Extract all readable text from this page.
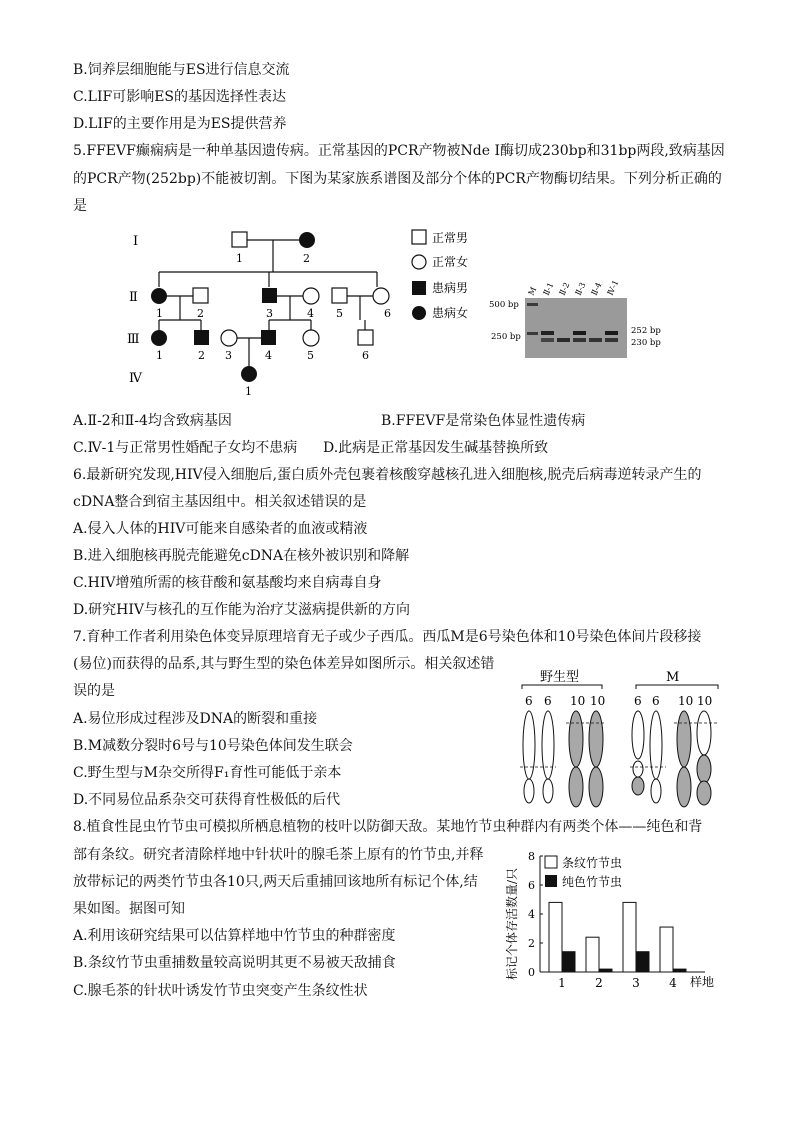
B.饲养层细胞能与ES进行信息交流
C.LIF可影响ES的基因选择性表达
D.LIF的主要作用是为ES提供营养
5.FFEVF癫痫病是一种单基因遗传病。正常基因的PCR产物被Nde I酶切成230bp和31bp两段,致病基因
的PCR产物(252bp)不能被切割。下图为某家族系谱图及部分个体的PCR产物酶切结果。下列分析正确的
是
Ⅰ
Ⅱ
Ⅲ
Ⅳ
1	2
1	2	3	4 5	6
1	2 3	4	5	6
1
正常男
正常女
患病男
患病女
500 bp
250 bp
M Ⅱ-1 Ⅱ-2 Ⅱ-3 Ⅱ-4 Ⅳ-1
252 bp
230 bp
A.Ⅱ-2和Ⅱ-4均含致病基因	B.FFEVF是常染色体显性遗传病
C.Ⅳ-1与正常男性婚配子女均不患病 D.此病是正常基因发生碱基替换所致
6.最新研究发现,HIV侵入细胞后,蛋白质外壳包裹着核酸穿越核孔进入细胞核,脱壳后病毒逆转录产生的
cDNA整合到宿主基因组中。相关叙述错误的是
A.侵入人体的HIV可能来自感染者的血液或精液
B.进入细胞核再脱壳能避免cDNA在核外被识别和降解
C.HIV增殖所需的核苷酸和氨基酸均来自病毒自身
D.研究HIV与核孔的互作能为治疗艾滋病提供新的方向
7.育种工作者利用染色体变异原理培育无子或少子西瓜。西瓜M是6号染色体和10号染色体间片段移接
(易位)而获得的品系,其与野生型的染色体差异如图所示。相关叙述错
误的是
A.易位形成过程涉及DNA的断裂和重接
B.M减数分裂时6号与10号染色体间发生联会
C.野生型与M杂交所得F₁育性可能低于亲本
D.不同易位品系杂交可获得育性极低的后代
野生型	M
6 6 10 10 6 6 10 10
8.植食性昆虫竹节虫可模拟所栖息植物的枝叶以防御天敌。某地竹节虫种群内有两类个体——纯色和背
部有条纹。研究者清除样地中针状叶的腺毛茶上原有的竹节虫,并释
放带标记的两类竹节虫各10只,两天后重捕回该地所有标记个体,结
果如图。据图可知
A.利用该研究结果可以估算样地中竹节虫的种群密度
B.条纹竹节虫重捕数量较高说明其更不易被天敌捕食
C.腺毛茶的针状叶诱发竹节虫突变产生条纹性状
标记个体存活数量/只 0
2
4
6
8
1 2 3 4
条纹竹节虫
纯色竹节虫
样地
